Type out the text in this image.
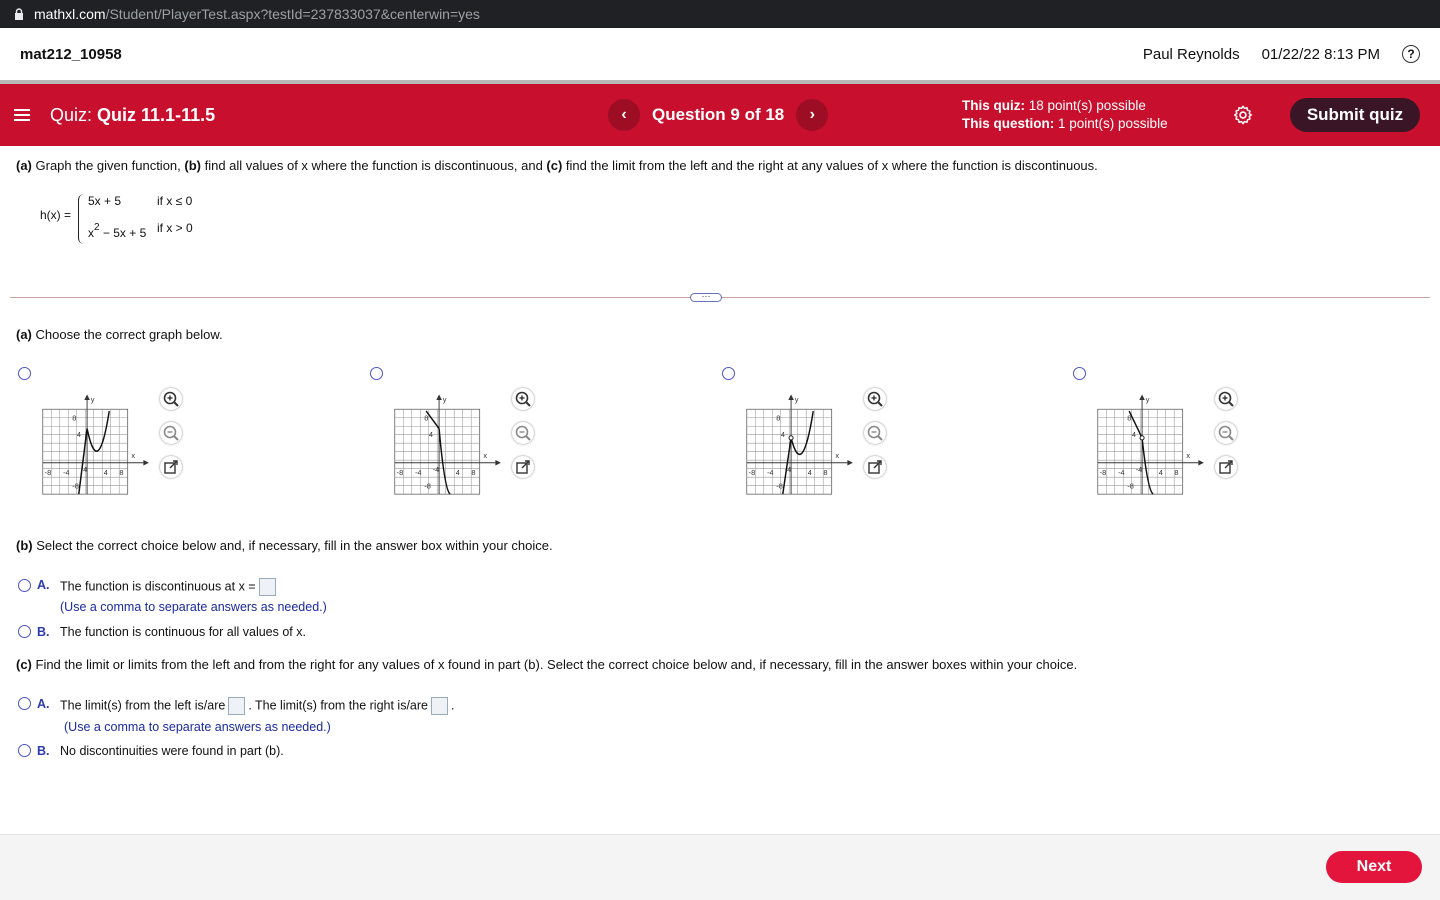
mathxl.com /Student/PlayerTest.aspx?testId=237833037&centerwin=yes
mat212_10958	Paul Reynolds 01/22/22 8:13 PM	?
Quiz: Quiz 11.1-11.5	‹	Question 9 of 18	›
This quiz: 18 point(s) possible
This question: 1 point(s) possible	Submit quiz
(a) Graph the given function, (b) find all values of x where the function is discontinuous, and (c) find the limit from the left and the right at any values of x where the function is discontinuous.
h(x) =
5x + 5	if x ≤ 0
$x^2 - 5x + 5$ if x > 0
···
(a) Choose the correct graph below.
y
x
8
4
-4
-8
-8 -4	4 8
y
x
8
4
-4
-8
-8 -4	4 8
y
x
8
4
-4
-8
-8 -4	4 8
y
x
8
4
-4
-8
-8 -4	4 8
(b) Select the correct choice below and, if necessary, fill in the answer box within your choice.
A. The function is discontinuous at x =
(Use a comma to separate answers as needed.)
B. The function is continuous for all values of x.
(c) Find the limit or limits from the left and from the right for any values of x found in part (b). Select the correct choice below and, if necessary, fill in the answer boxes within your choice.
A. The limit(s) from the left is/are . The limit(s) from the right is/are .
(Use a comma to separate answers as needed.)
B. No discontinuities were found in part (b).
Next
